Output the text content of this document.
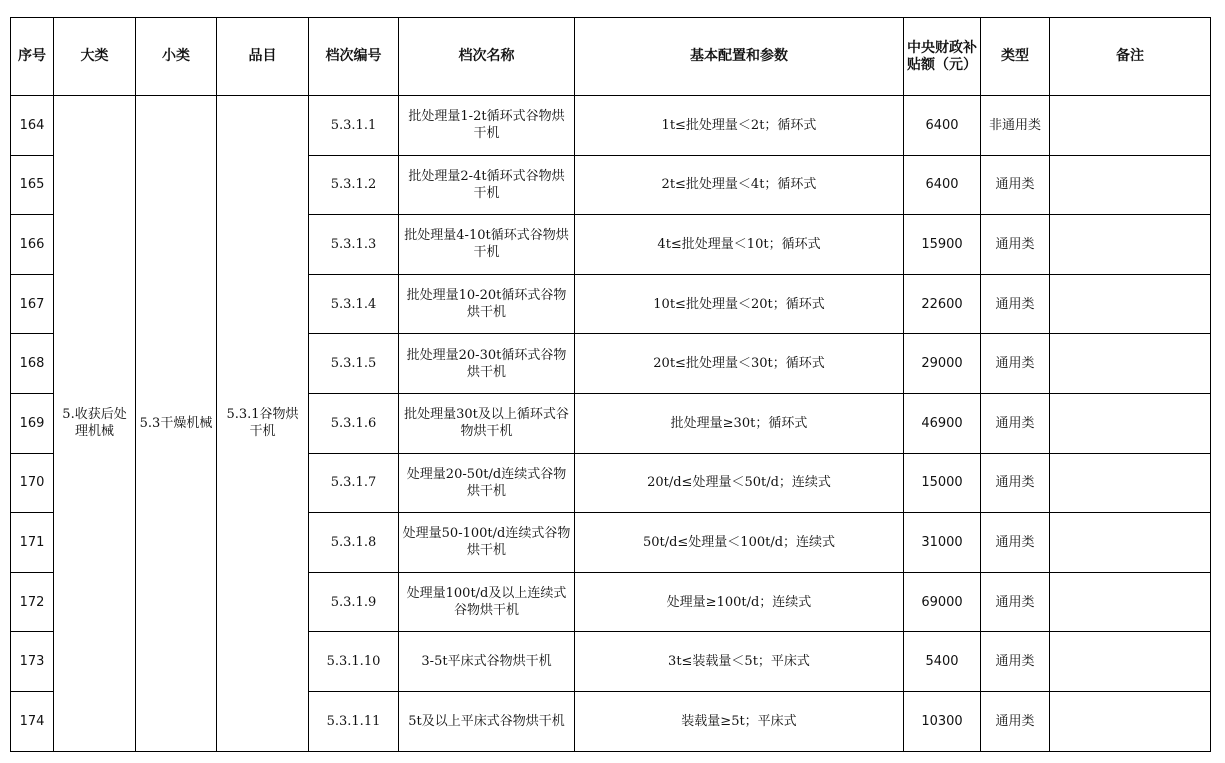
序号	大类	小类	品目	档次编号	档次名称	基本配置和参数	中央财政补贴额（元）	类型	备注
164	5.收获后处理机械	5.3干燥机械	5.3.1谷物烘干机	5.3.1.1	批处理量1-2t循环式谷物烘干机	1t≤批处理量＜2t；循环式	6400	非通用类	
165				5.3.1.2	批处理量2-4t循环式谷物烘干机	2t≤批处理量＜4t；循环式	6400	通用类	
166				5.3.1.3	批处理量4-10t循环式谷物烘干机	4t≤批处理量＜10t；循环式	15900	通用类	
167				5.3.1.4	批处理量10-20t循环式谷物烘干机	10t≤批处理量＜20t；循环式	22600	通用类	
168				5.3.1.5	批处理量20-30t循环式谷物烘干机	20t≤批处理量＜30t；循环式	29000	通用类	
169				5.3.1.6	批处理量30t及以上循环式谷物烘干机	批处理量≥30t；循环式	46900	通用类	
170				5.3.1.7	处理量20-50t/d连续式谷物烘干机	20t/d≤处理量＜50t/d；连续式	15000	通用类	
171				5.3.1.8	处理量50-100t/d连续式谷物烘干机	50t/d≤处理量＜100t/d；连续式	31000	通用类	
172				5.3.1.9	处理量100t/d及以上连续式谷物烘干机	处理量≥100t/d；连续式	69000	通用类	
173				5.3.1.10	3-5t平床式谷物烘干机	3t≤装载量＜5t；平床式	5400	通用类	
174				5.3.1.11	5t及以上平床式谷物烘干机	装载量≥5t；平床式	10300	通用类	
